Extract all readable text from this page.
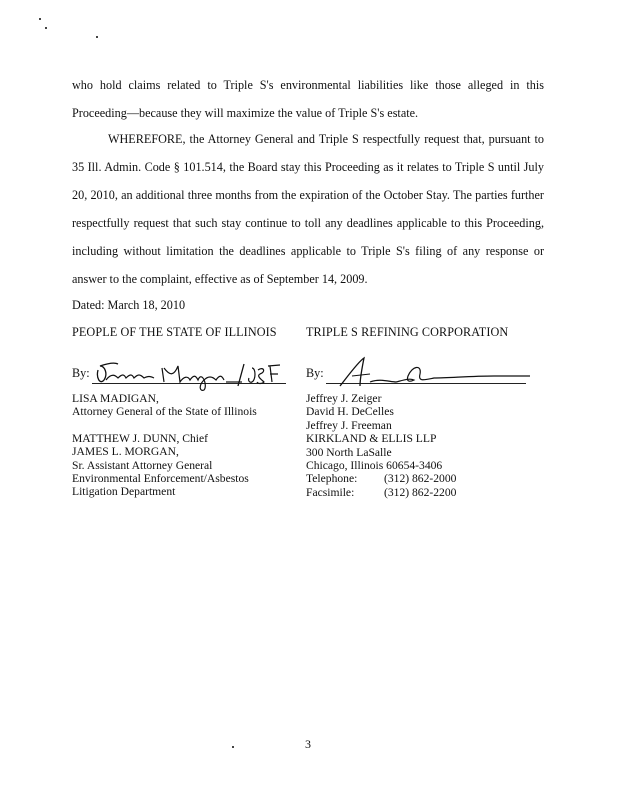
who hold claims related to Triple S's environmental liabilities like those alleged in this Proceeding—because they will maximize the value of Triple S's estate.

WHEREFORE, the Attorney General and Triple S respectfully request that, pursuant to 35 Ill. Admin. Code § 101.514, the Board stay this Proceeding as it relates to Triple S until July 20, 2010, an additional three months from the expiration of the October Stay. The parties further respectfully request that such stay continue to toll any deadlines applicable to this Proceeding, including without limitation the deadlines applicable to Triple S's filing of any response or answer to the complaint, effective as of September 14, 2009.

Dated: March 18, 2010

PEOPLE OF THE STATE OF ILLINOIS

By:
LISA MADIGAN,
Attorney General of the State of Illinois
MATTHEW J. DUNN, Chief
JAMES L. MORGAN,
Sr. Assistant Attorney General
Environmental Enforcement/Asbestos
Litigation Department

TRIPLE S REFINING CORPORATION

By:
Jeffrey J. Zeiger
David H. DeCelles
Jeffrey J. Freeman
KIRKLAND & ELLIS LLP
300 North LaSalle
Chicago, Illinois 60654-3406
Telephone:	(312) 862-2000
Facsimile:	(312) 862-2200
3
